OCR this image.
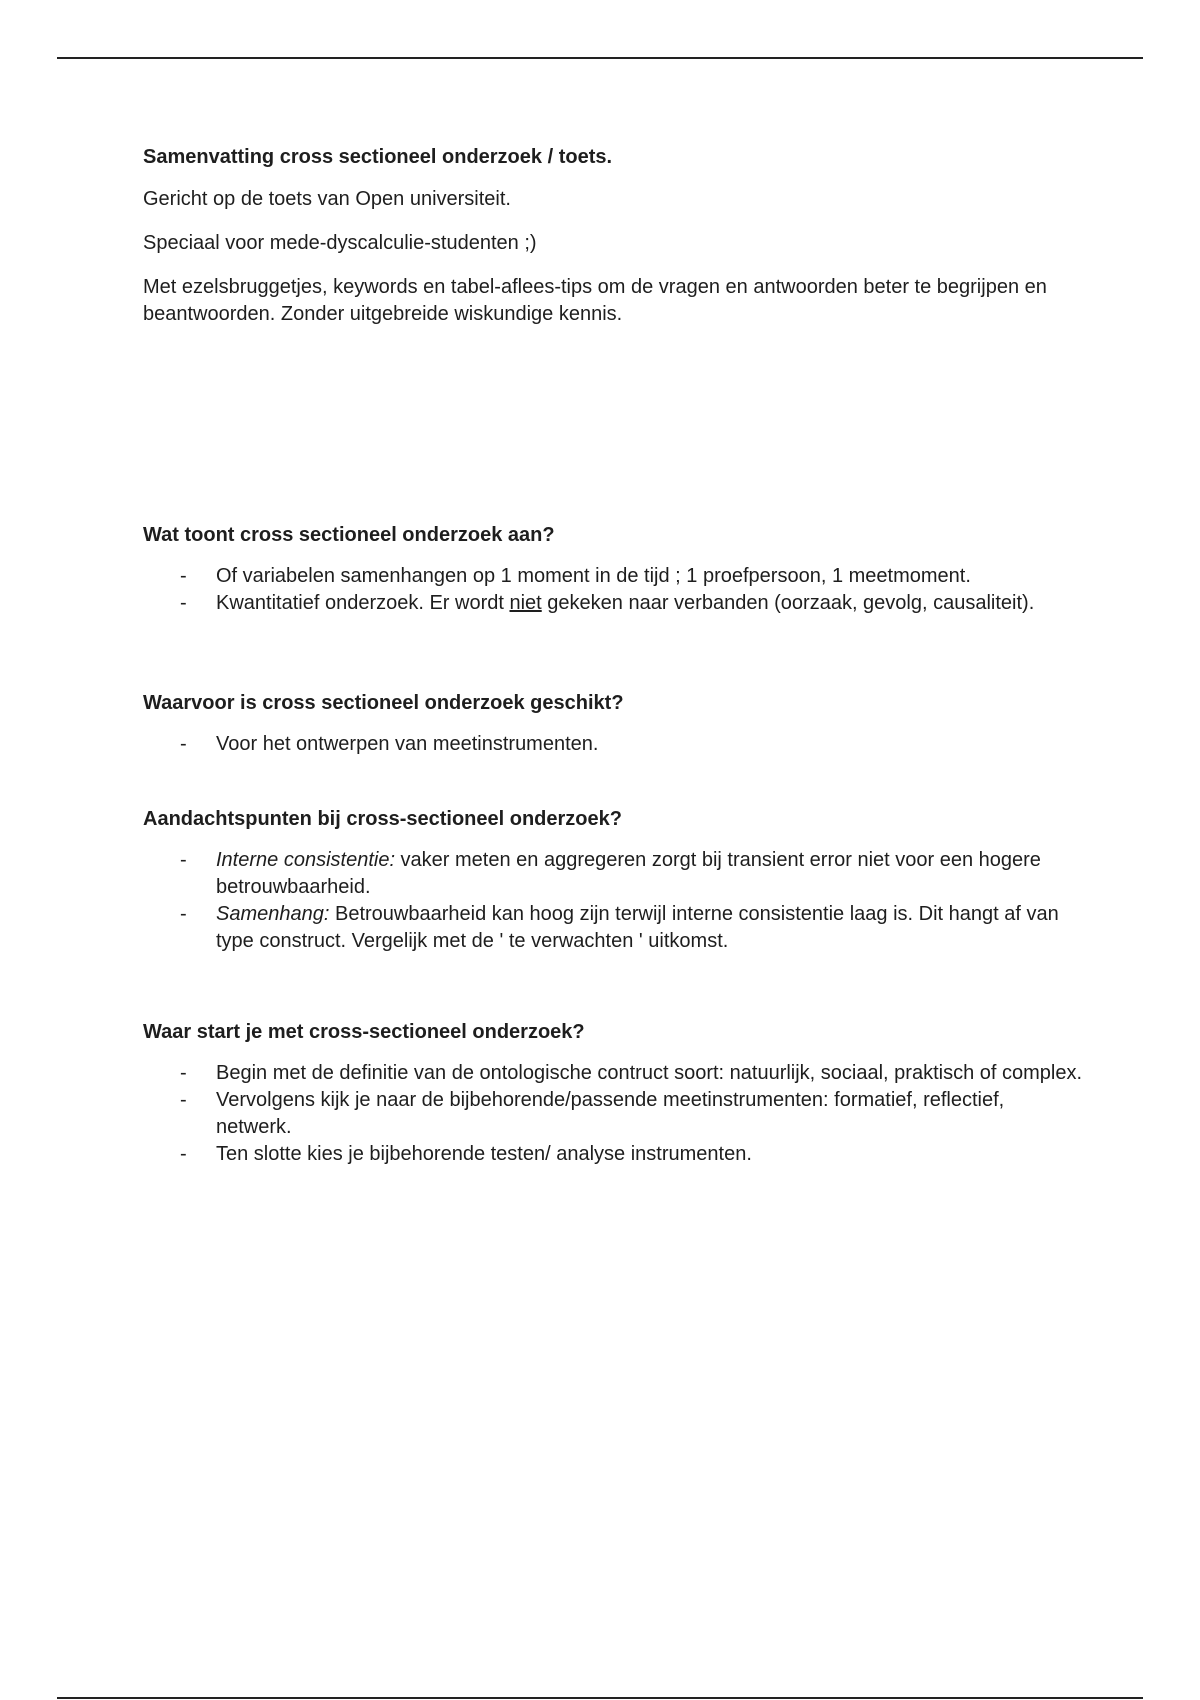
Samenvatting cross sectioneel onderzoek / toets.

Gericht op de toets van Open universiteit.

Speciaal voor mede-dyscalculie-studenten ;)

Met ezelsbruggetjes, keywords en tabel-aflees-tips om de vragen en antwoorden beter te begrijpen en beantwoorden. Zonder uitgebreide wiskundige kennis.

Wat toont cross sectioneel onderzoek aan?
- Of variabelen samenhangen op 1 moment in de tijd ; 1 proefpersoon, 1 meetmoment.
- Kwantitatief onderzoek. Er wordt niet gekeken naar verbanden (oorzaak, gevolg, causaliteit).
Waarvoor is cross sectioneel onderzoek geschikt?
- Voor het ontwerpen van meetinstrumenten.
Aandachtspunten bij cross-sectioneel onderzoek?
- Interne consistentie: vaker meten en aggregeren zorgt bij transient error niet voor een hogere betrouwbaarheid.
- Samenhang: Betrouwbaarheid kan hoog zijn terwijl interne consistentie laag is. Dit hangt af van type construct. Vergelijk met de ' te verwachten ' uitkomst.
Waar start je met cross-sectioneel onderzoek?
- Begin met de definitie van de ontologische contruct soort: natuurlijk, sociaal, praktisch of complex.
- Vervolgens kijk je naar de bijbehorende/passende meetinstrumenten: formatief, reflectief, netwerk.
- Ten slotte kies je bijbehorende testen/ analyse instrumenten.
